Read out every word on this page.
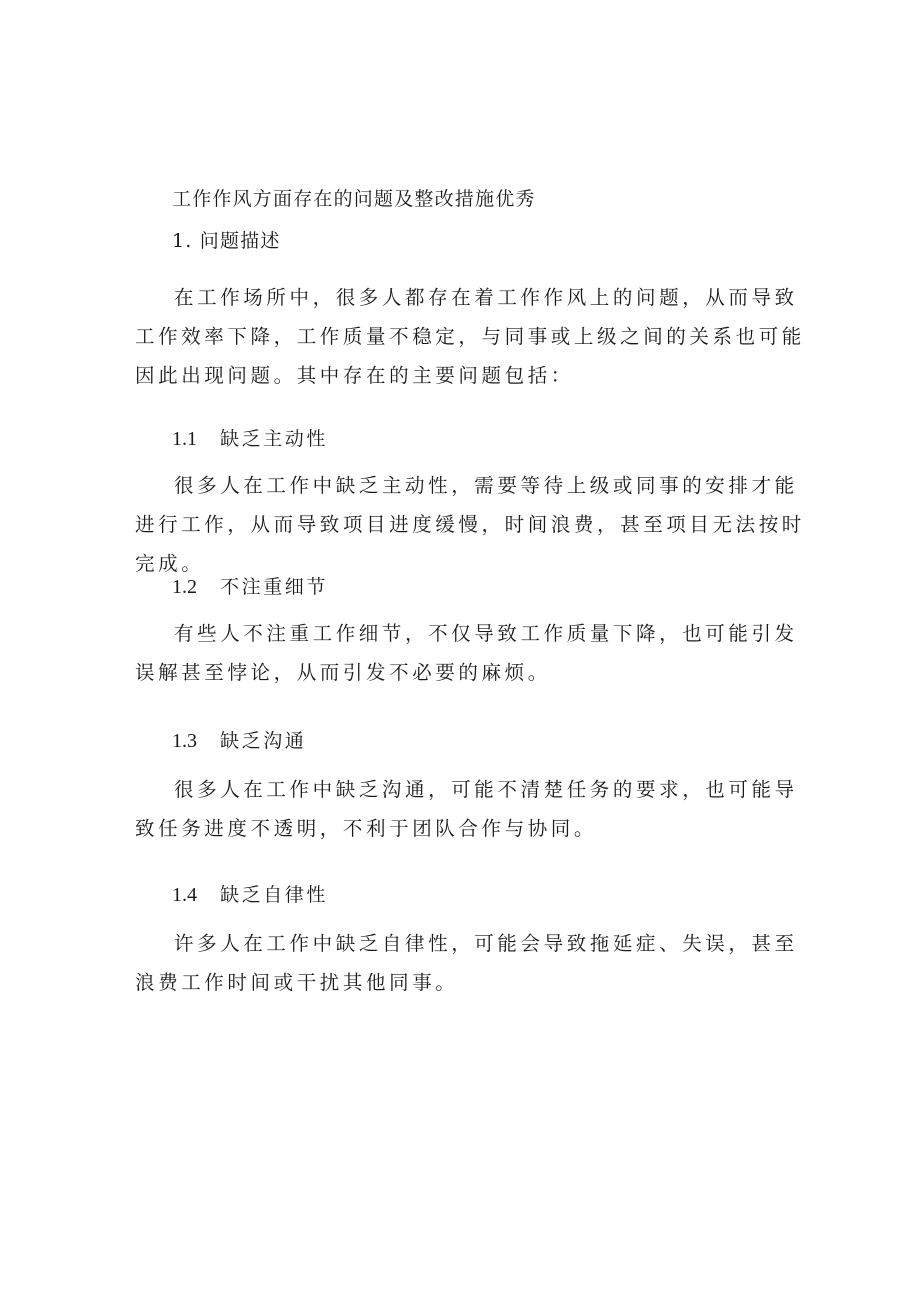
工作作风方面存在的问题及整改措施优秀
1. 问题描述
在工作场所中，很多人都存在着工作作风上的问题，从而导致工作效率下降，工作质量不稳定，与同事或上级之间的关系也可能因此出现问题。其中存在的主要问题包括：
1.1 缺乏主动性
很多人在工作中缺乏主动性，需要等待上级或同事的安排才能进行工作，从而导致项目进度缓慢，时间浪费，甚至项目无法按时完成。
1.2 不注重细节
有些人不注重工作细节，不仅导致工作质量下降，也可能引发误解甚至悖论，从而引发不必要的麻烦。
1.3 缺乏沟通
很多人在工作中缺乏沟通，可能不清楚任务的要求，也可能导致任务进度不透明，不利于团队合作与协同。
1.4 缺乏自律性
许多人在工作中缺乏自律性，可能会导致拖延症、失误，甚至浪费工作时间或干扰其他同事。
